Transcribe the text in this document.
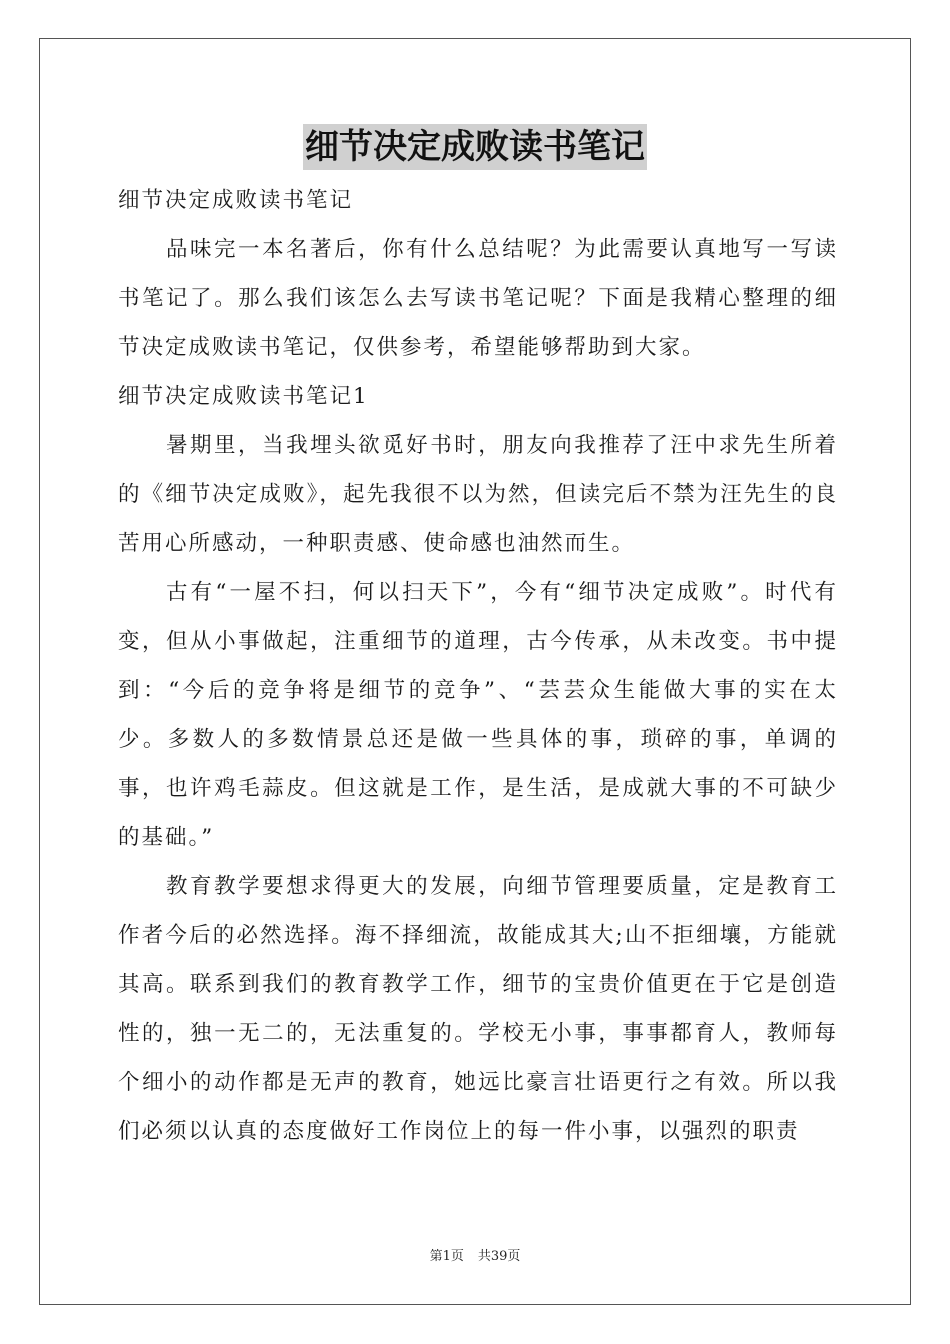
细节决定成败读书笔记

细节决定成败读书笔记

品味完一本名著后，你有什么总结呢？为此需要认真地写一写读书笔记了。那么我们该怎么去写读书笔记呢？下面是我精心整理的细节决定成败读书笔记，仅供参考，希望能够帮助到大家。

细节决定成败读书笔记1

暑期里，当我埋头欲觅好书时，朋友向我推荐了汪中求先生所着的《细节决定成败》，起先我很不以为然，但读完后不禁为汪先生的良苦用心所感动，一种职责感、使命感也油然而生。

古有“一屋不扫，何以扫天下”，今有“细节决定成败”。时代有变，但从小事做起，注重细节的道理，古今传承，从未改变。书中提到：“今后的竞争将是细节的竞争”、“芸芸众生能做大事的实在太少。多数人的多数情景总还是做一些具体的事，琐碎的事，单调的事，也许鸡毛蒜皮。但这就是工作，是生活，是成就大事的不可缺少的基础。”

教育教学要想求得更大的发展，向细节管理要质量，定是教育工作者今后的必然选择。海不择细流，故能成其大;山不拒细壤，方能就其高。联系到我们的教育教学工作，细节的宝贵价值更在于它是创造性的，独一无二的，无法重复的。学校无小事，事事都育人，教师每个细小的动作都是无声的教育，她远比豪言壮语更行之有效。所以我们必须以认真的态度做好工作岗位上的每一件小事，以强烈的职责

第1页 共39页
